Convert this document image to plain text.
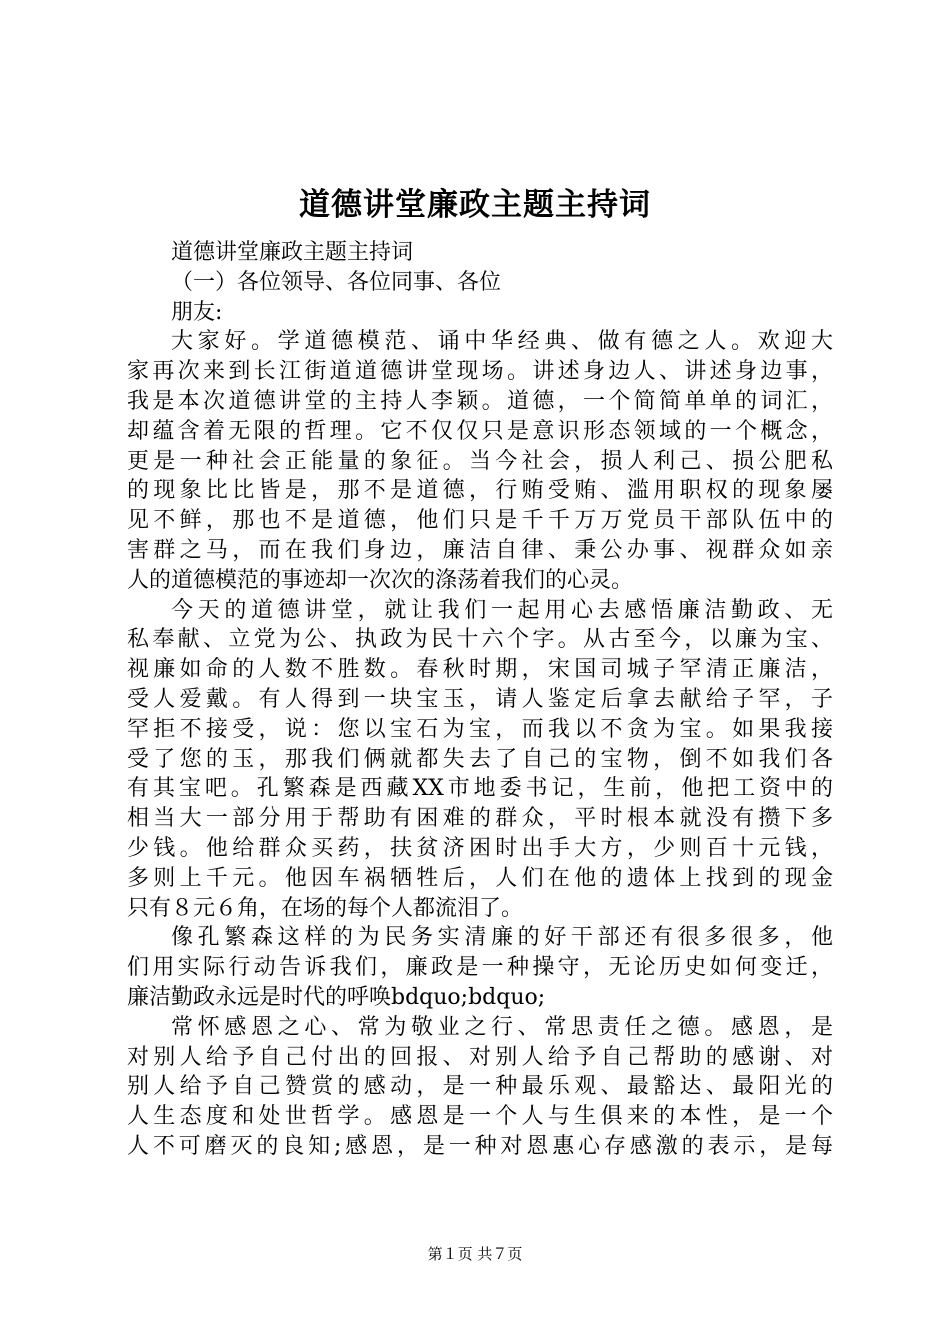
道德讲堂廉政主题主持词

道德讲堂廉政主题主持词

（一）各位领导、各位同事、各位

朋友:

大家好。学道德模范、诵中华经典、做有德之人。欢迎大

家再次来到长江街道道德讲堂现场。讲述身边人、讲述身边事，

我是本次道德讲堂的主持人李颖。道德，一个简简单单的词汇，

却蕴含着无限的哲理。它不仅仅只是意识形态领域的一个概念，

更是一种社会正能量的象征。当今社会，损人利己、损公肥私

的现象比比皆是，那不是道德，行贿受贿、滥用职权的现象屡

见不鲜，那也不是道德，他们只是千千万万党员干部队伍中的

害群之马，而在我们身边，廉洁自律、秉公办事、视群众如亲

人的道德模范的事迹却一次次的涤荡着我们的心灵。

今天的道德讲堂，就让我们一起用心去感悟廉洁勤政、无

私奉献、立党为公、执政为民十六个字。从古至今，以廉为宝、

视廉如命的人数不胜数。春秋时期，宋国司城子罕清正廉洁，

受人爱戴。有人得到一块宝玉，请人鉴定后拿去献给子罕，子

罕拒不接受，说：您以宝石为宝，而我以不贪为宝。如果我接

受了您的玉，那我们俩就都失去了自己的宝物，倒不如我们各

有其宝吧。孔繁森是西藏XX市地委书记，生前，他把工资中的

相当大一部分用于帮助有困难的群众，平时根本就没有攒下多

少钱。他给群众买药，扶贫济困时出手大方，少则百十元钱，

多则上千元。他因车祸牺牲后，人们在他的遗体上找到的现金

只有８元６角，在场的每个人都流泪了。

像孔繁森这样的为民务实清廉的好干部还有很多很多，他

们用实际行动告诉我们，廉政是一种操守，无论历史如何变迁，

廉洁勤政永远是时代的呼唤bdquo;bdquo;

常怀感恩之心、常为敬业之行、常思责任之德。感恩，是

对别人给予自己付出的回报、对别人给予自己帮助的感谢、对

别人给予自己赞赏的感动，是一种最乐观、最豁达、最阳光的

人生态度和处世哲学。感恩是一个人与生俱来的本性，是一个

人不可磨灭的良知;感恩，是一种对恩惠心存感激的表示，是每

第１页 共７页
